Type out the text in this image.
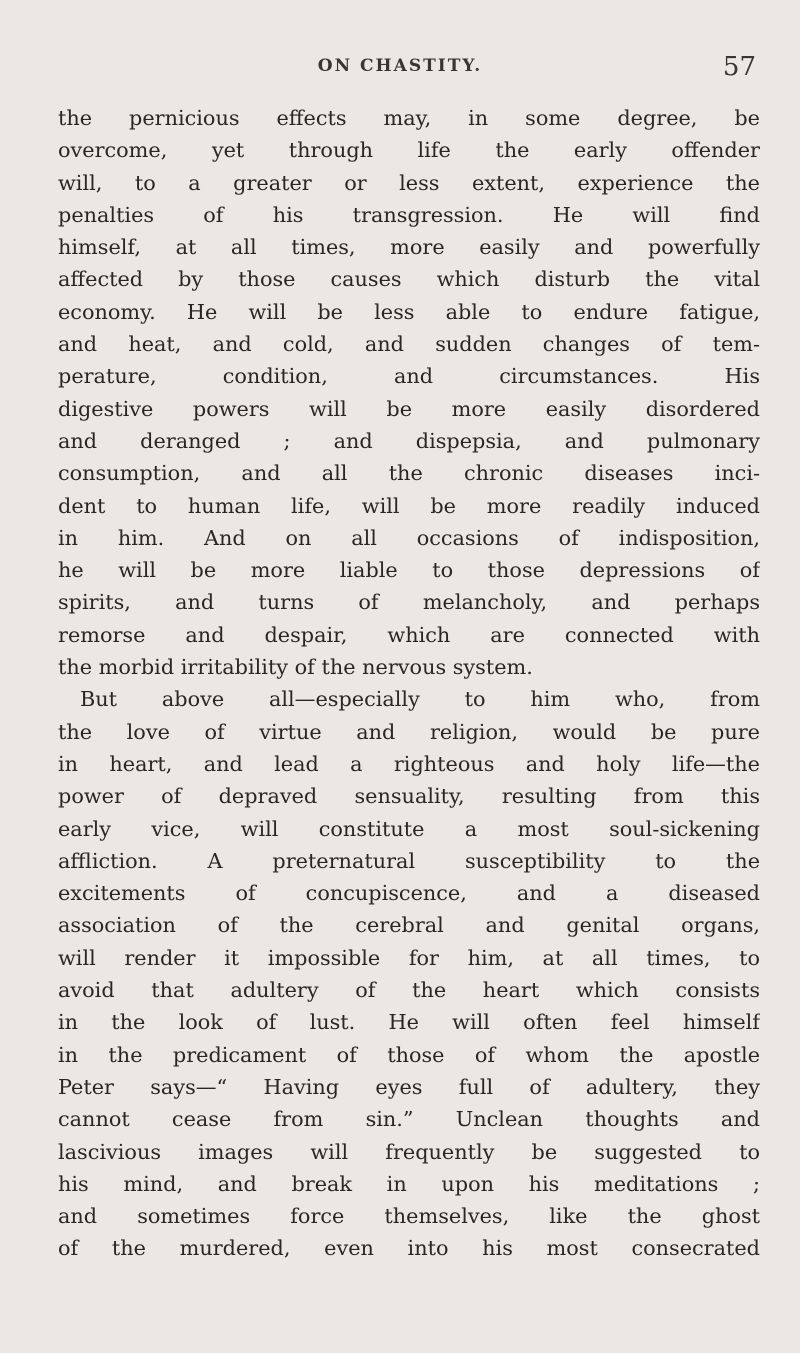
ON CHASTITY.	57
the pernicious effects may, in some degree, be
overcome, yet through life the early offender
will, to a greater or less extent, experience the
penalties of his transgression. He will find
himself, at all times, more easily and powerfully
affected by those causes which disturb the vital
economy. He will be less able to endure fatigue,
and heat, and cold, and sudden changes of tem-
perature, condition, and circumstances. His
digestive powers will be more easily disordered
and deranged ; and dispepsia, and pulmonary
consumption, and all the chronic diseases inci-
dent to human life, will be more readily induced
in him. And on all occasions of indisposition,
he will be more liable to those depressions of
spirits, and turns of melancholy, and perhaps
remorse and despair, which are connected with
the morbid irritability of the nervous system.
But above all—especially to him who, from
the love of virtue and religion, would be pure
in heart, and lead a righteous and holy life—the
power of depraved sensuality, resulting from this
early vice, will constitute a most soul-sickening
affliction. A preternatural susceptibility to the
excitements of concupiscence, and a diseased
association of the cerebral and genital organs,
will render it impossible for him, at all times, to
avoid that adultery of the heart which consists
in the look of lust. He will often feel himself
in the predicament of those of whom the apostle
Peter says—“ Having eyes full of adultery, they
cannot cease from sin.” Unclean thoughts and
lascivious images will frequently be suggested to
his mind, and break in upon his meditations ;
and sometimes force themselves, like the ghost
of the murdered, even into his most consecrated
